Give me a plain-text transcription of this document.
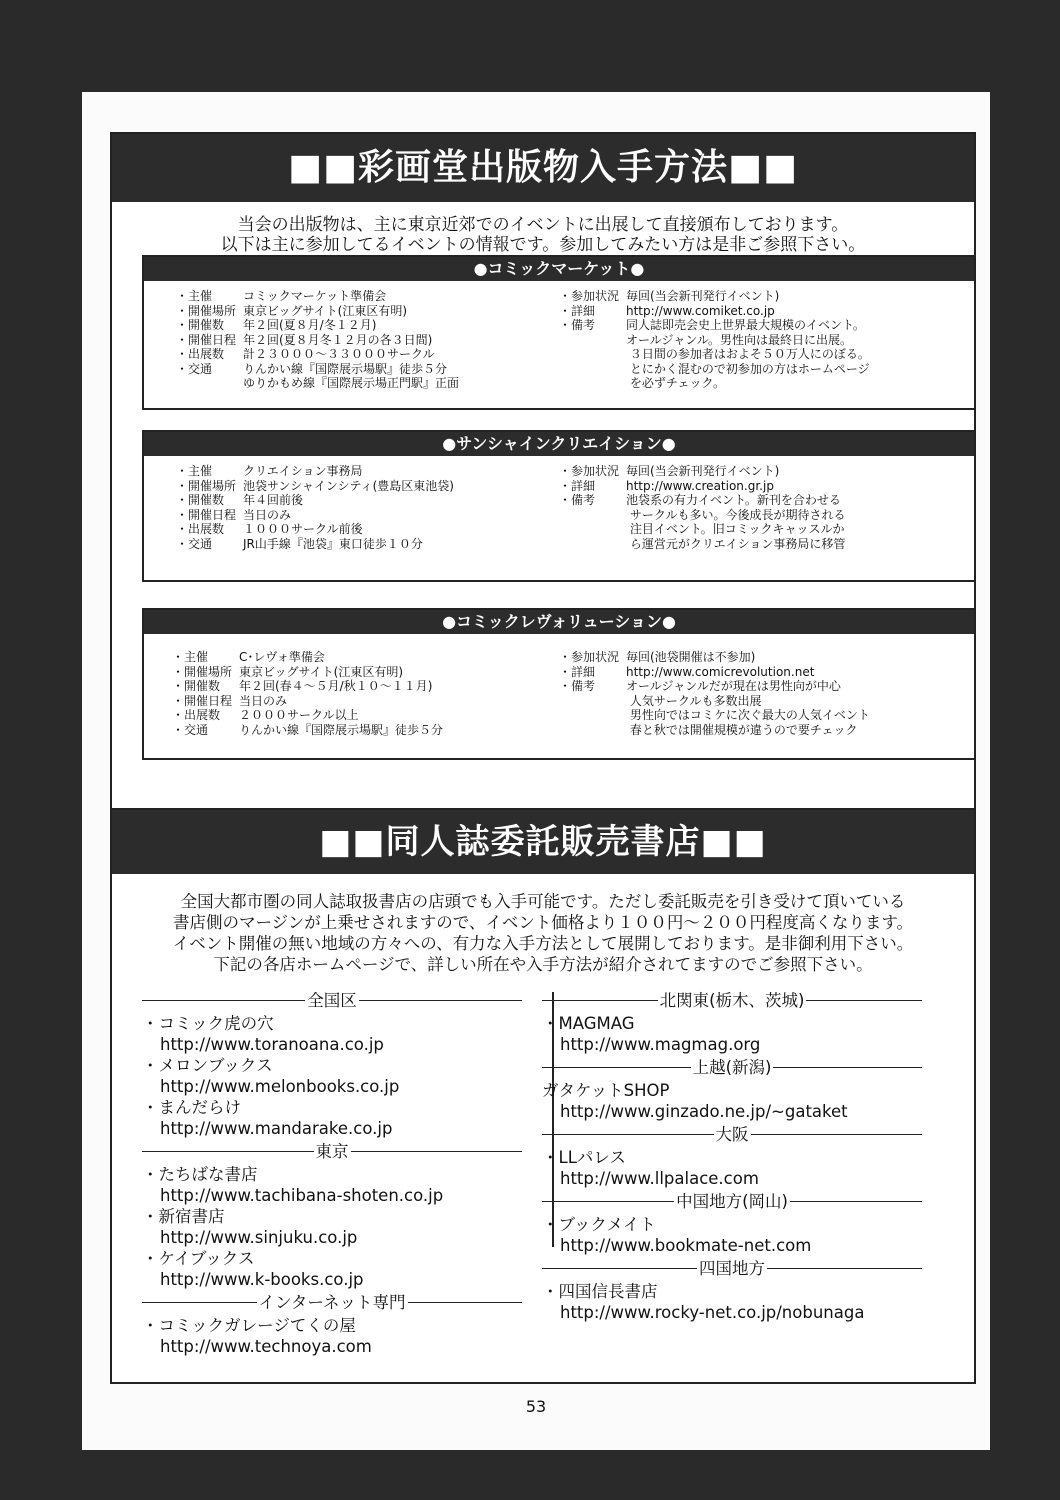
■■彩画堂出版物入手方法■■
当会の出版物は、主に東京近郊でのイベントに出展して直接頒布しております。
以下は主に参加してるイベントの情報です。参加してみたい方は是非ご参照下さい。
●コミックマーケット●
・主催	コミックマーケット準備会
・開催場所 東京ビッグサイト(江東区有明)
・開催数	年２回(夏８月/冬１２月)
・開催日程 年２回(夏８月冬１２月の各３日間)
・出展数	計２３０００～３３０００サークル
・交通	りんかい線『国際展示場駅』徒歩５分
ゆりかもめ線『国際展示場正門駅』正面
・参加状況 毎回(当会新刊発行イベント)
・詳細	http://www.comiket.co.jp
・備考	同人誌即売会史上世界最大規模のイベント。
オールジャンル。男性向は最終日に出展。
３日間の参加者はおよそ５０万人にのぼる。
とにかく混むので初参加の方はホームページ
を必ずチェック。
●サンシャインクリエイション●
・主催	クリエイション事務局
・開催場所 池袋サンシャインシティ(豊島区東池袋)
・開催数	年４回前後
・開催日程 当日のみ
・出展数	１０００サークル前後
・交通	JR山手線『池袋』東口徒歩１０分
・参加状況 毎回(当会新刊発行イベント)
・詳細	http://www.creation.gr.jp
・備考	池袋系の有力イベント。新刊を合わせる
サークルも多い。今後成長が期待される
注目イベント。旧コミックキャッスルか
ら運営元がクリエイション事務局に移管
●コミックレヴォリューション●
・主催	C･レヴォ準備会
・開催場所 東京ビッグサイト(江東区有明)
・開催数	年２回(春４～５月/秋１０～１１月)
・開催日程 当日のみ
・出展数	２０００サークル以上
・交通	りんかい線『国際展示場駅』徒歩５分
・参加状況 毎回(池袋開催は不参加)
・詳細	http://www.comicrevolution.net
・備考	オールジャンルだが現在は男性向が中心
人気サークルも多数出展
男性向ではコミケに次ぐ最大の人気イベント
春と秋では開催規模が違うので要チェック
■■同人誌委託販売書店■■
全国大都市圏の同人誌取扱書店の店頭でも入手可能です。ただし委託販売を引き受けて頂いている
書店側のマージンが上乗せされますので、イベント価格より１００円～２００円程度高くなります。
イベント開催の無い地域の方々への、有力な入手方法として展開しております。是非御利用下さい。
下記の各店ホームページで、詳しい所在や入手方法が紹介されてますのでご参照下さい。
全国区
・コミック虎の穴
http://www.toranoana.co.jp
・メロンブックス
http://www.melonbooks.co.jp
・まんだらけ
http://www.mandarake.co.jp
東京
・たちばな書店
http://www.tachibana-shoten.co.jp
・新宿書店
http://www.sinjuku.co.jp
・ケイブックス
http://www.k-books.co.jp
インターネット専門
・コミックガレージてくの屋
http://www.technoya.com
北関東(栃木、茨城)
・MAGMAG
http://www.magmag.org
上越(新潟)
ガタケットSHOP
http://www.ginzado.ne.jp/~gataket
大阪
・LLパレス
http://www.llpalace.com
中国地方(岡山)
・ブックメイト
http://www.bookmate-net.com
四国地方
・四国信長書店
http://www.rocky-net.co.jp/nobunaga
53
